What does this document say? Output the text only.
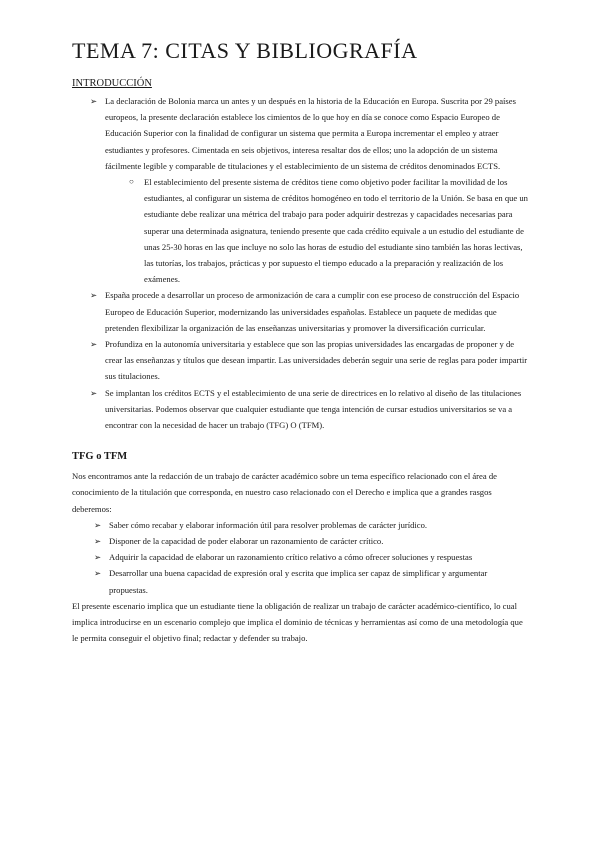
TEMA 7: CITAS Y BIBLIOGRAFÍA
INTRODUCCIÓN
➢ La declaración de Bolonia marca un antes y un después en la historia de la Educación en Europa. Suscrita por 29 países europeos, la presente declaración establece los cimientos de lo que hoy en día se conoce como Espacio Europeo de Educación Superior con la finalidad de configurar un sistema que permita a Europa incrementar el empleo y atraer estudiantes y profesores. Cimentada en seis objetivos, interesa resaltar dos de ellos; uno la adopción de un sistema fácilmente legible y comparable de titulaciones y el establecimiento de un sistema de créditos denominados ECTS.
○ El establecimiento del presente sistema de créditos tiene como objetivo poder facilitar la movilidad de los estudiantes, al configurar un sistema de créditos homogéneo en todo el territorio de la Unión. Se basa en que un estudiante debe realizar una métrica del trabajo para poder adquirir destrezas y capacidades necesarias para superar una determinada asignatura, teniendo presente que cada crédito equivale a un estudio del estudiante de unas 25-30 horas en las que incluye no solo las horas de estudio del estudiante sino también las horas lectivas, las tutorías, los trabajos, prácticas y por supuesto el tiempo educado a la preparación y realización de los exámenes.
➢ España procede a desarrollar un proceso de armonización de cara a cumplir con ese proceso de construcción del Espacio Europeo de Educación Superior, modernizando las universidades españolas. Establece un paquete de medidas que pretenden flexibilizar la organización de las enseñanzas universitarias y promover la diversificación curricular.
➢ Profundiza en la autonomía universitaria y establece que son las propias universidades las encargadas de proponer y de crear las enseñanzas y títulos que desean impartir. Las universidades deberán seguir una serie de reglas para poder impartir sus titulaciones.
➢ Se implantan los créditos ECTS y el establecimiento de una serie de directrices en lo relativo al diseño de las titulaciones universitarias. Podemos observar que cualquier estudiante que tenga intención de cursar estudios universitarios se va a encontrar con la necesidad de hacer un trabajo (TFG) O (TFM).
TFG o TFM

Nos encontramos ante la redacción de un trabajo de carácter académico sobre un tema específico relacionado con el área de conocimiento de la titulación que corresponda, en nuestro caso relacionado con el Derecho e implica que a grandes rasgos deberemos:

➢ Saber cómo recabar y elaborar información útil para resolver problemas de carácter jurídico.
➢ Disponer de la capacidad de poder elaborar un razonamiento de carácter crítico.
➢ Adquirir la capacidad de elaborar un razonamiento crítico relativo a cómo ofrecer soluciones y respuestas
➢ Desarrollar una buena capacidad de expresión oral y escrita que implica ser capaz de simplificar y argumentar propuestas.

El presente escenario implica que un estudiante tiene la obligación de realizar un trabajo de carácter académico-científico, lo cual implica introducirse en un escenario complejo que implica el dominio de técnicas y herramientas así como de una metodología que le permita conseguir el objetivo final; redactar y defender su trabajo.
